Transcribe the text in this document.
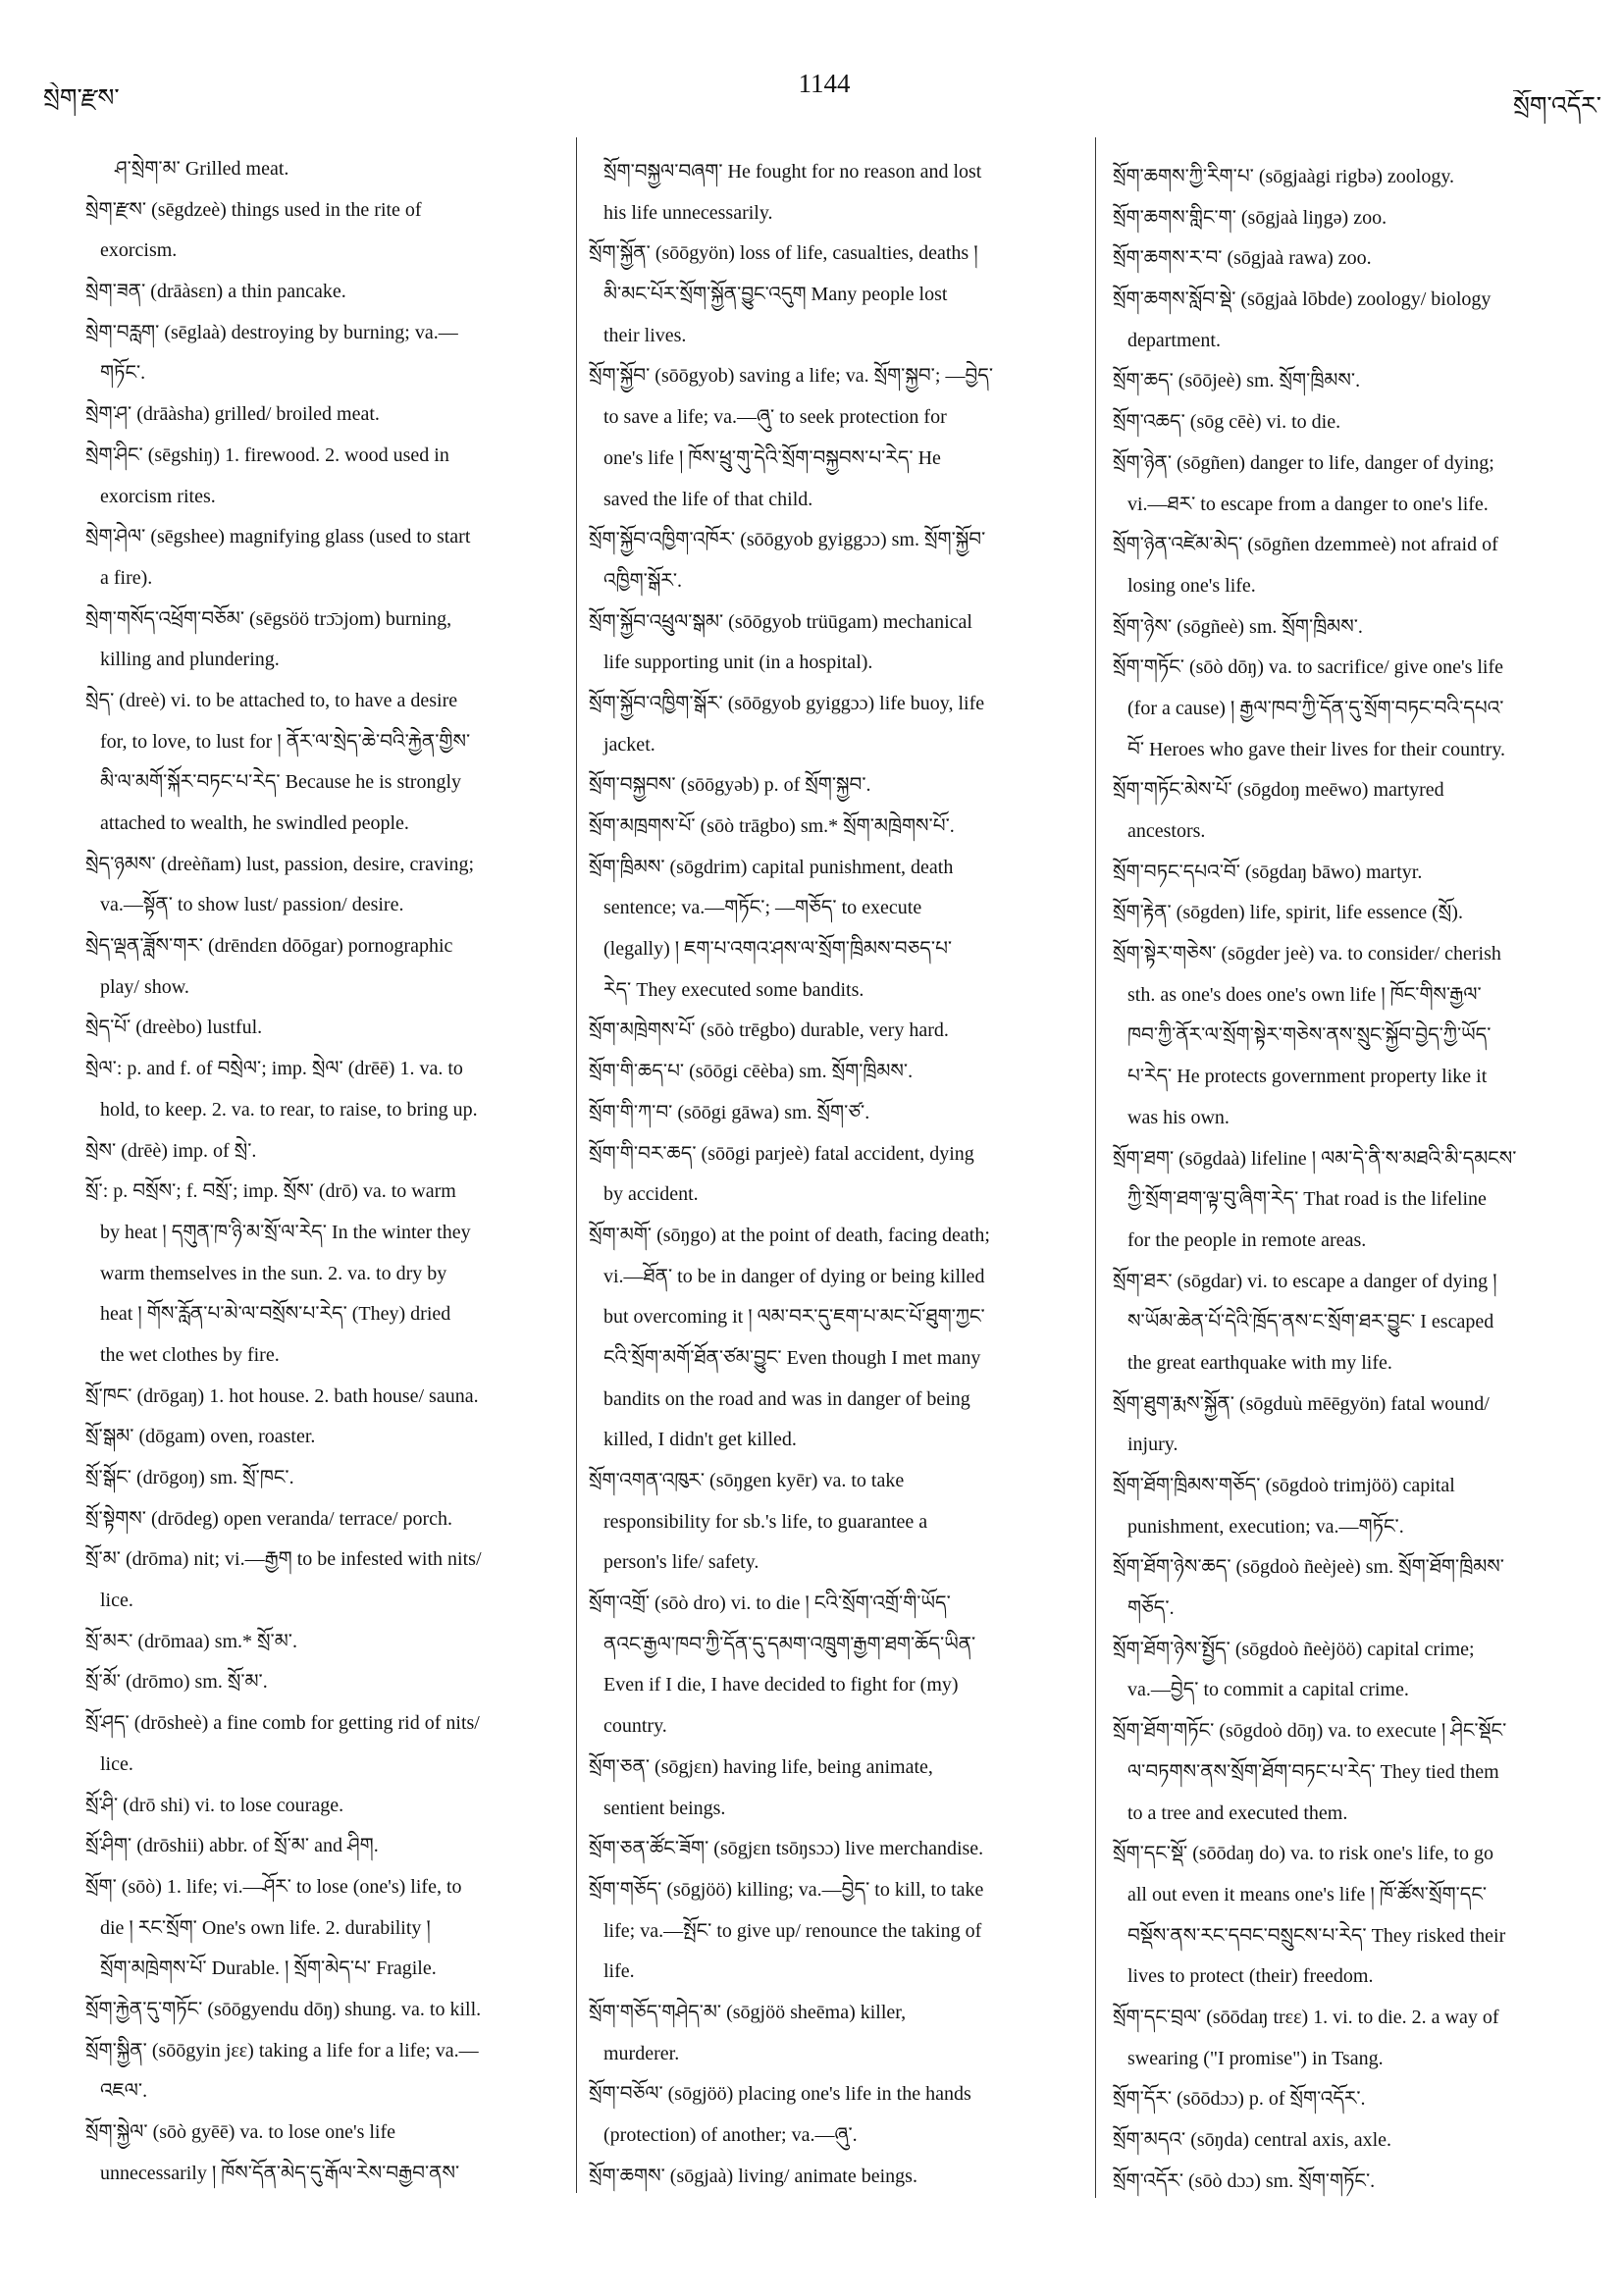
སྲེག་རྫས་
1144
སྲོག་འདོར་
ཤ་སྲེག་མ་ Grilled meat.
སྲེག་རྫས་ (sēgdzeè) things used in the rite of
exorcism.
སྲེག་ཟན་ (drāàsɛn) a thin pancake.
སྲེག་བརླག་ (sēglaà) destroying by burning; va.—
གཏོང་.
སྲེག་ཤ་ (drāàsha) grilled/ broiled meat.
སྲེག་ཤིང་ (sēgshiŋ) 1. firewood. 2. wood used in
exorcism rites.
སྲེག་ཤེལ་ (sēgshee) magnifying glass (used to start
a fire).
སྲེག་གསོད་འཕྲོག་བཅོམ་ (sēgsöö trɔ̄ɔjom) burning,
killing and plundering.
སྲེད་ (dreè) vi. to be attached to, to have a desire
for, to love, to lust for ། ནོར་ལ་སྲེད་ཆེ་བའི་རྐྱེན་གྱིས་
མི་ལ་མགོ་སྐོར་བཏང་པ་རེད་ Because he is strongly
attached to wealth, he swindled people.
སྲེད་ཉམས་ (dreèñam) lust, passion, desire, craving;
va.—སྟོན་ to show lust/ passion/ desire.
སྲེད་ལྡན་ཟློས་གར་ (drēndɛn dōōgar) pornographic
play/ show.
སྲེད་པོ་ (dreèbo) lustful.
སྲེལ་: p. and f. of བསྲེལ་; imp. སྲེལ་ (drēē) 1. va. to
hold, to keep. 2. va. to rear, to raise, to bring up.
སྲེས་ (drēè) imp. of སྲེ་.
སྲོ་: p. བསྲོས་; f. བསྲོ་; imp. སྲོས་ (drō) va. to warm
by heat ། དགུན་ཁ་ཉི་མ་སྲོ་ལ་རེད་ In the winter they
warm themselves in the sun. 2. va. to dry by
heat ། གོས་རློན་པ་མེ་ལ་བསྲོས་པ་རེད་ (They) dried
the wet clothes by fire.
སྲོ་ཁང་ (drōgaŋ) 1. hot house. 2. bath house/ sauna.
སྲོ་སྒམ་ (dōgam) oven, roaster.
སྲོ་སྒོང་ (drōgoŋ) sm. སྲོ་ཁང་.
སྲོ་སྟེགས་ (drōdeg) open veranda/ terrace/ porch.
སྲོ་མ་ (drōma) nit; vi.—རྒྱག to be infested with nits/
lice.
སྲོ་མར་ (drōmaa) sm.* སྲོ་མ་.
སྲོ་མོ་ (drōmo) sm. སྲོ་མ་.
སྲོ་ཤད་ (drōsheè) a fine comb for getting rid of nits/
lice.
སྲོ་ཤི་ (drō shi) vi. to lose courage.
སྲོ་ཤིག་ (drōshii) abbr. of སྲོ་མ་ and ཤིག.
སྲོག་ (sōò) 1. life; vi.—ཤོར་ to lose (one's) life, to
die ། རང་སྲོག་ One's own life. 2. durability །
སྲོག་མཁྲེགས་པོ་ Durable. ། སྲོག་མེད་པ་ Fragile.
སྲོག་རྐྱེན་དུ་གཏོང་ (sōōgyendu dōŋ) shung. va. to kill.
སྲོག་སྐྱིན་ (sōōgyin jɛɛ) taking a life for a life; va.—
འཇལ་.
སྲོག་སྐྱེལ་ (sōò gyēē) va. to lose one's life
unnecessarily ། ཁོས་དོན་མེད་དུ་རྒོལ་རེས་བརྒྱབ་ནས་
སྲོག་བསྐྱལ་བཞག་ He fought for no reason and lost
his life unnecessarily.
སྲོག་སྐྱོན་ (sōōgyön) loss of life, casualties, deaths །
མི་མང་པོར་སྲོག་སྐྱོན་བྱུང་འདུག Many people lost
their lives.
སྲོག་སྐྱོབ་ (sōōgyob) saving a life; va. སྲོག་སྐྱབ་; —བྱེད་
to save a life; va.—ཞུ་ to seek protection for
one's life ། ཁོས་ཕྲུ་གུ་དེའི་སྲོག་བསྐྱབས་པ་རེད་ He
saved the life of that child.
སྲོག་སྐྱོབ་འཁྱིག་འཁོར་ (sōōgyob gyiggɔɔ) sm. སྲོག་སྐྱོབ་
འཁྱིག་སྒོར་.
སྲོག་སྐྱོབ་འཕྲུལ་སྒམ་ (sōōgyob trüūgam) mechanical
life supporting unit (in a hospital).
སྲོག་སྐྱོབ་འཁྱིག་སྒོར་ (sōōgyob gyiggɔɔ) life buoy, life
jacket.
སྲོག་བསྐྱབས་ (sōōgyəb) p. of སྲོག་སྐྱབ་.
སྲོག་མཁྲགས་པོ་ (sōò trāgbo) sm.* སྲོག་མཁྲེགས་པོ་.
སྲོག་ཁྲིམས་ (sōgdrim) capital punishment, death
sentence; va.—གཏོང་; —གཅོད་ to execute
(legally) ། ཇག་པ་འགའ་ཤས་ལ་སྲོག་ཁྲིམས་བཅད་པ་
རེད་ They executed some bandits.
སྲོག་མཁྲེགས་པོ་ (sōò trēgbo) durable, very hard.
སྲོག་གི་ཆད་པ་ (sōōgi cēèba) sm. སྲོག་ཁྲིམས་.
སྲོག་གི་ཀ་བ་ (sōōgi gāwa) sm. སྲོག་ཙ་.
སྲོག་གི་བར་ཆད་ (sōōgi parjeè) fatal accident, dying
by accident.
སྲོག་མགོ་ (sōŋgo) at the point of death, facing death;
vi.—ཐོན་ to be in danger of dying or being killed
but overcoming it ། ལམ་བར་དུ་ཇག་པ་མང་པོ་ཐུག་ཀྱང་
ངའི་སྲོག་མགོ་ཐོན་ཙམ་བྱུང་ Even though I met many
bandits on the road and was in danger of being
killed, I didn't get killed.
སྲོག་འགན་འཁུར་ (sōŋgen kyēr) va. to take
responsibility for sb.'s life, to guarantee a
person's life/ safety.
སྲོག་འགྲོ་ (sōò dro) vi. to die ། ངའི་སྲོག་འགྲོ་གི་ཡོད་
ནའང་རྒྱལ་ཁབ་ཀྱི་དོན་དུ་དམག་འཁྲུག་རྒྱག་ཐག་ཆོད་ཡིན་
Even if I die, I have decided to fight for (my)
country.
སྲོག་ཅན་ (sōgjɛn) having life, being animate,
sentient beings.
སྲོག་ཅན་ཚོང་ཟོག་ (sōgjɛn tsōŋsɔɔ) live merchandise.
སྲོག་གཅོད་ (sōgjöö) killing; va.—བྱེད་ to kill, to take
life; va.—སྤོང་ to give up/ renounce the taking of
life.
སྲོག་གཅོད་གཤེད་མ་ (sōgjöö sheēma) killer,
murderer.
སྲོག་བཅོལ་ (sōgjöö) placing one's life in the hands
(protection) of another; va.—ཞུ་.
སྲོག་ཆགས་ (sōgjaà) living/ animate beings.
སྲོག་ཆགས་ཀྱི་རིག་པ་ (sōgjaàgi rigbə) zoology.
སྲོག་ཆགས་གླིང་ག་ (sōgjaà liŋgə) zoo.
སྲོག་ཆགས་ར་བ་ (sōgjaà rawa) zoo.
སྲོག་ཆགས་སློབ་སྡེ་ (sōgjaà lōbde) zoology/ biology
department.
སྲོག་ཆད་ (sōōjeè) sm. སྲོག་ཁྲིམས་.
སྲོག་འཆད་ (sōg cēè) vi. to die.
སྲོག་ཉེན་ (sōgñen) danger to life, danger of dying;
vi.—ཐར་ to escape from a danger to one's life.
སྲོག་ཉེན་འཛེམ་མེད་ (sōgñen dzemmeè) not afraid of
losing one's life.
སྲོག་ཉེས་ (sōgñeè) sm. སྲོག་ཁྲིམས་.
སྲོག་གཏོང་ (sōò dōŋ) va. to sacrifice/ give one's life
(for a cause) ། རྒྱལ་ཁབ་ཀྱི་དོན་དུ་སྲོག་བཏང་བའི་དཔའ་
བོ་ Heroes who gave their lives for their country.
སྲོག་གཏོང་མེས་པོ་ (sōgdoŋ meēwo) martyred
ancestors.
སྲོག་བཏང་དཔའ་བོ་ (sōgdaŋ bāwo) martyr.
སྲོག་རྟེན་ (sōgden) life, spirit, life essence (སྲོ).
སྲོག་སྟེར་གཅེས་ (sōgder jeè) va. to consider/ cherish
sth. as one's does one's own life ། ཁོང་གིས་རྒྱལ་
ཁབ་ཀྱི་ནོར་ལ་སྲོག་སྟེར་གཅེས་ནས་སྲུང་སྐྱོབ་བྱེད་ཀྱི་ཡོད་
པ་རེད་ He protects government property like it
was his own.
སྲོག་ཐག་ (sōgdaà) lifeline ། ལམ་དེ་ནི་ས་མཐའི་མི་དམངས་
ཀྱི་སྲོག་ཐག་ལྟ་བུ་ཞིག་རེད་ That road is the lifeline
for the people in remote areas.
སྲོག་ཐར་ (sōgdar) vi. to escape a danger of dying །
ས་ཡོམ་ཆེན་པོ་དེའི་ཁྲོད་ནས་ང་སྲོག་ཐར་བྱུང་ I escaped
the great earthquake with my life.
སྲོག་ཐུག་རྨས་སྐྱོན་ (sōgduù mēēgyön) fatal wound/
injury.
སྲོག་ཐོག་ཁྲིམས་གཅོད་ (sōgdoò trimjöö) capital
punishment, execution; va.—གཏོང་.
སྲོག་ཐོག་ཉེས་ཆད་ (sōgdoò ñeèjeè) sm. སྲོག་ཐོག་ཁྲིམས་
གཅོད་.
སྲོག་ཐོག་ཉེས་སྤྱོད་ (sōgdoò ñeèjöö) capital crime;
va.—བྱེད་ to commit a capital crime.
སྲོག་ཐོག་གཏོང་ (sōgdoò dōŋ) va. to execute ། ཤིང་སྡོང་
ལ་བཏགས་ནས་སྲོག་ཐོག་བཏང་པ་རེད་ They tied them
to a tree and executed them.
སྲོག་དང་སྡོ་ (sōōdaŋ do) va. to risk one's life, to go
all out even it means one's life ། ཁོ་ཚོས་སྲོག་དང་
བསྡོས་ནས་རང་དབང་བསྲུངས་པ་རེད་ They risked their
lives to protect (their) freedom.
སྲོག་དང་བྲལ་ (sōōdaŋ trɛɛ) 1. vi. to die. 2. a way of
swearing ("I promise") in Tsang.
སྲོག་དོར་ (sōōdɔɔ) p. of སྲོག་འདོར་.
སྲོག་མདའ་ (sōŋda) central axis, axle.
སྲོག་འདོར་ (sōò dɔɔ) sm. སྲོག་གཏོང་.
